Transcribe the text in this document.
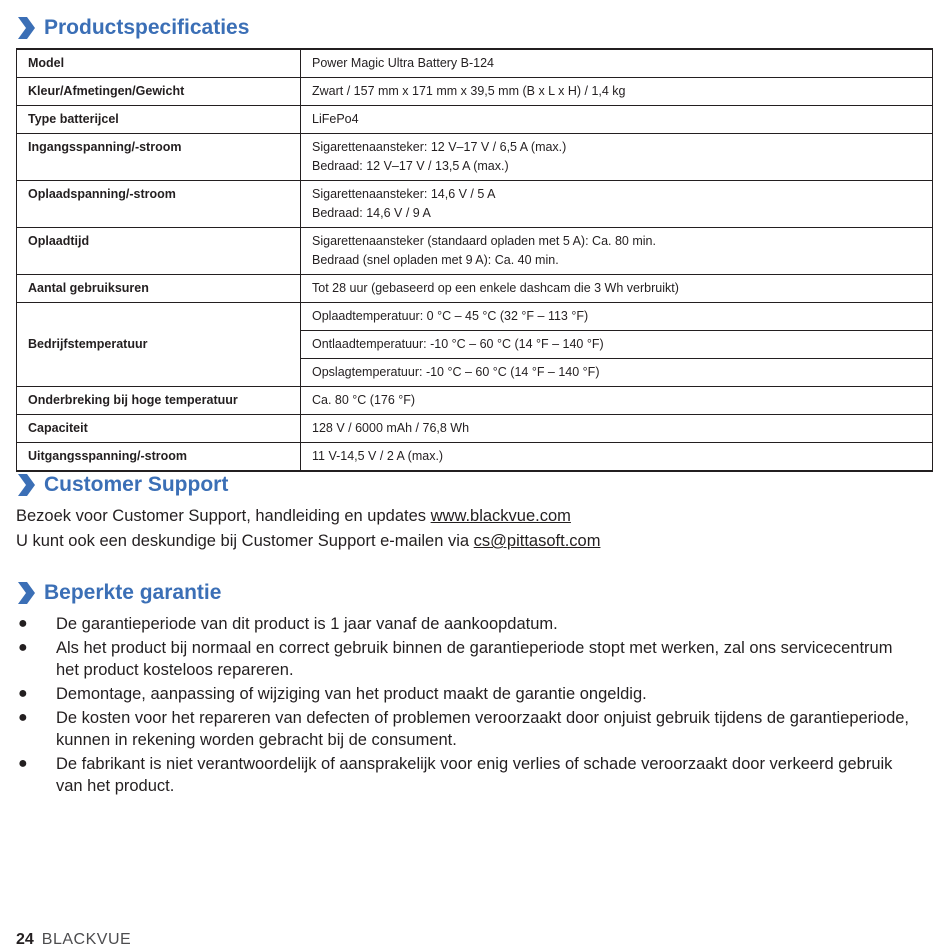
Productspecificaties
Model	Power Magic Ultra Battery B-124
Kleur/Afmetingen/Gewicht	Zwart / 157 mm x 171 mm x 39,5 mm (B x L x H) / 1,4 kg
Type batterijcel	LiFePo4
Ingangsspanning/-stroom	Sigarettenaansteker: 12 V–17 V / 6,5 A (max.)
Bedraad: 12 V–17 V / 13,5 A (max.)

Oplaadspanning/-stroom	Sigarettenaansteker: 14,6 V / 5 A
Bedraad: 14,6 V / 9 A

Oplaadtijd	Sigarettenaansteker (standaard opladen met 5 A): Ca. 80 min.
Bedraad (snel opladen met 9 A): Ca. 40 min.

Aantal gebruiksuren	Tot 28 uur (gebaseerd op een enkele dashcam die 3 Wh verbruikt)
Bedrijfstemperatuur	Oplaadtemperatuur: 0 °C – 45 °C (32 °F – 113 °F)
	Ontlaadtemperatuur: -10 °C – 60 °C (14 °F – 140 °F)
	Opslagtemperatuur: -10 °C – 60 °C (14 °F – 140 °F)
Onderbreking bij hoge temperatuur	Ca. 80 °C (176 °F)
Capaciteit	128 V / 6000 mAh / 76,8 Wh
Uitgangsspanning/-stroom	11 V-14,5 V / 2 A (max.)
Customer Support
Bezoek voor Customer Support, handleiding en updates www.blackvue.com
U kunt ook een deskundige bij Customer Support e-mailen via cs@pittasoft.com
Beperkte garantie
● De garantieperiode van dit product is 1 jaar vanaf de aankoopdatum.
● Als het product bij normaal en correct gebruik binnen de garantieperiode stopt met werken, zal ons servicecentrum het product kosteloos repareren.
● Demontage, aanpassing of wijziging van het product maakt de garantie ongeldig.
● De kosten voor het repareren van defecten of problemen veroorzaakt door onjuist gebruik tijdens de garantieperiode, kunnen in rekening worden gebracht bij de consument.
● De fabrikant is niet verantwoordelijk of aansprakelijk voor enig verlies of schade veroorzaakt door verkeerd gebruik van het product.
24 BLACKVUE
